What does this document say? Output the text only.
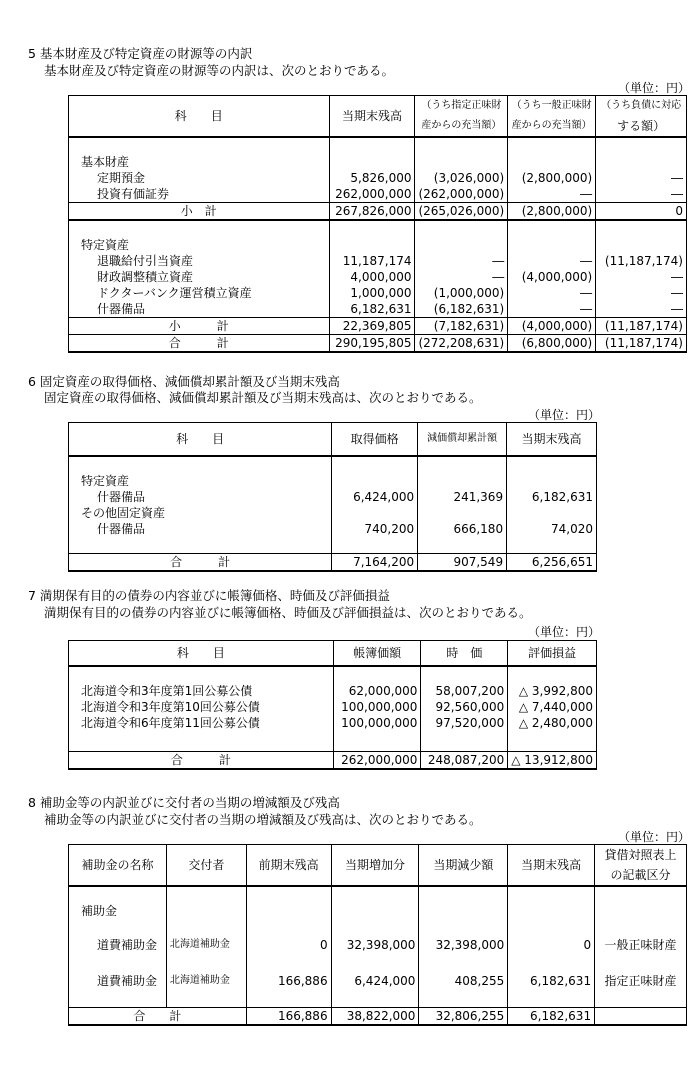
5 基本財産及び特定資産の財源等の内訳
基本財産及び特定資産の財源等の内訳は、次のとおりである。
（単位：円）
科　　目	当期末残高	（うち指定正味財	（うち一般正味財	（うち負債に対応
		産からの充当額）	産からの充当額）	する額）

基本財産				
定期預金	5,826,000	(3,026,000)	(2,800,000)	―
投資有価証券	262,000,000	(262,000,000)	―	―
小　計	267,826,000	(265,026,000)	(2,800,000)	0

特定資産				
退職給付引当資産	11,187,174	―	―	(11,187,174)
財政調整積立資産	4,000,000	―	(4,000,000)	―
ドクターバンク運営積立資産	1,000,000	(1,000,000)	―	―
什器備品	6,182,631	(6,182,631)	―	―
小　　　計	22,369,805	(7,182,631)	(4,000,000)	(11,187,174)
合　　　計	290,195,805	(272,208,631)	(6,800,000)	(11,187,174)
6 固定資産の取得価格、減価償却累計額及び当期末残高
固定資産の取得価格、減価償却累計額及び当期末残高は、次のとおりである。
（単位：円）
科　　目	取得価格	減価償却累計額	当期末残高

特定資産			
什器備品	6,424,000	241,369	6,182,631
その他固定資産			
什器備品	740,200	666,180	74,020

合　　　計	7,164,200	907,549	6,256,651
7 満期保有目的の債券の内容並びに帳簿価格、時価及び評価損益
満期保有目的の債券の内容並びに帳簿価格、時価及び評価損益は、次のとおりである。
（単位：円）
科　　目	帳簿価額	時　価	評価損益

北海道令和3年度第1回公募公債	62,000,000	58,007,200	△ 3,992,800
北海道令和3年度第10回公募公債	100,000,000	92,560,000	△ 7,440,000
北海道令和6年度第11回公募公債	100,000,000	97,520,000	△ 2,480,000

合　　　計	262,000,000	248,087,200	△ 13,912,800
8 補助金等の内訳並びに交付者の当期の増減額及び残高
補助金等の内訳並びに交付者の当期の増減額及び残高は、次のとおりである。
（単位：円）
補助金の名称	交付者	前期末残高	当期増加分	当期減少額	当期末残高	貸借対照表上
						の記載区分

補助金						

道費補助金	北海道補助金	0	32,398,000	32,398,000	0	一般正味財産

道費補助金	北海道補助金	166,886	6,424,000	408,255	6,182,631	指定正味財産

合　　計		166,886	38,822,000	32,806,255	6,182,631	
